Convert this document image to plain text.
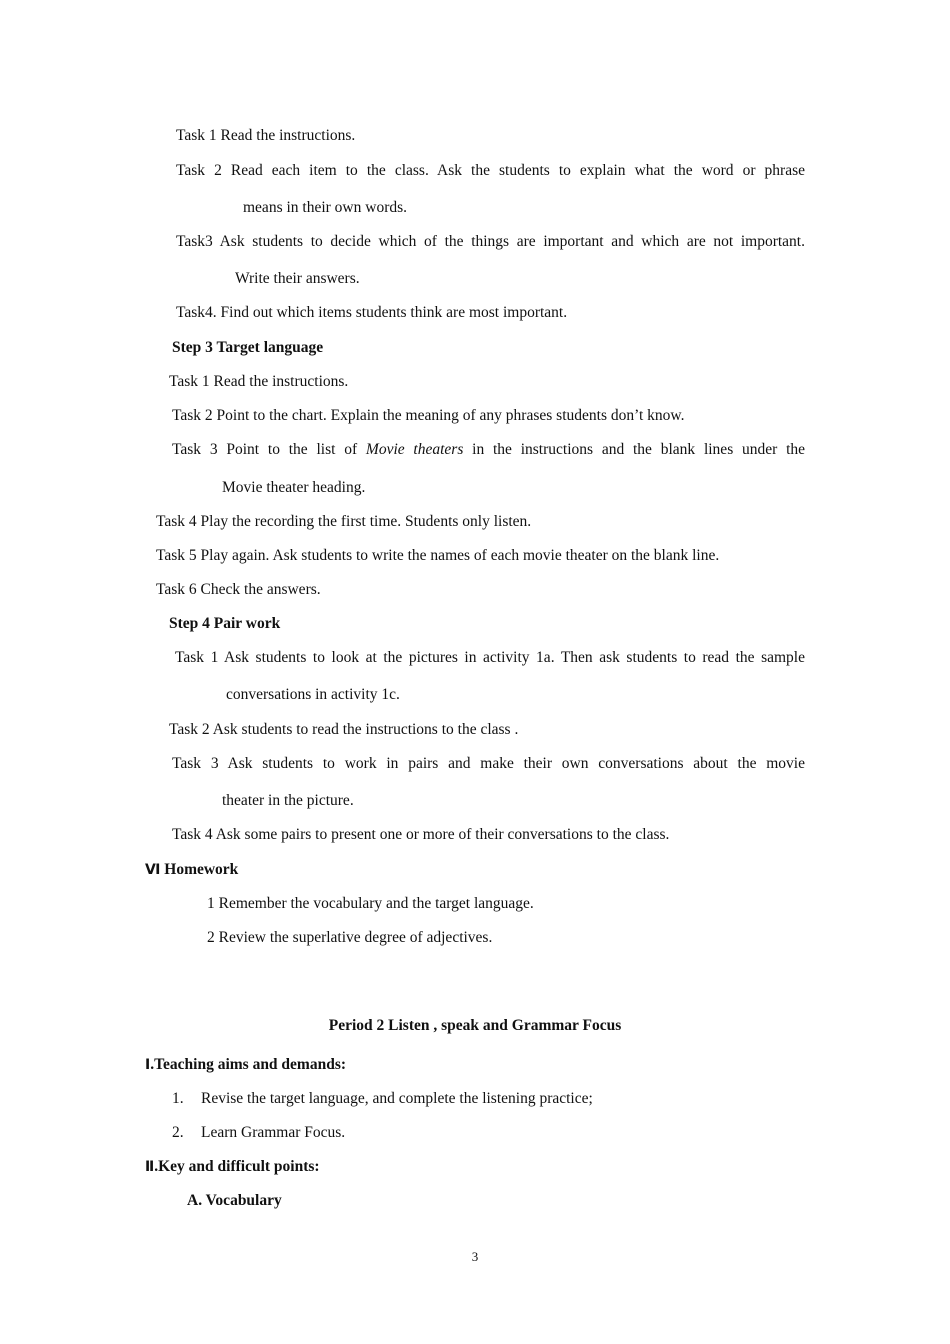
Task 1 Read the instructions.
Task 2 Read each item to the class. Ask the students to explain what the word or phrase
means in their own words.
Task3 Ask students to decide which of the things are important and which are not important.
Write their answers.
Task4. Find out which items students think are most important.
Step 3 Target language
Task 1 Read the instructions.
Task 2 Point to the chart. Explain the meaning of any phrases students don’t know.
Task 3 Point to the list of Movie theaters in the instructions and the blank lines under the
Movie theater heading.
Task 4 Play the recording the first time. Students only listen.
Task 5 Play again. Ask students to write the names of each movie theater on the blank line.
Task 6 Check the answers.
Step 4 Pair work
Task 1 Ask students to look at the pictures in activity 1a. Then ask students to read the sample
conversations in activity 1c.
Task 2 Ask students to read the instructions to the class .
Task 3 Ask students to work in pairs and make their own conversations about the movie
theater in the picture.
Task 4 Ask some pairs to present one or more of their conversations to the class.
Ⅵ Homework
1 Remember the vocabulary and the target language.
2 Review the superlative degree of adjectives.
Period 2 Listen , speak and Grammar Focus
Ⅰ.Teaching aims and demands:
1. Revise the target language, and complete the listening practice;
2. Learn Grammar Focus.
Ⅱ.Key and difficult points:
A. Vocabulary
3
